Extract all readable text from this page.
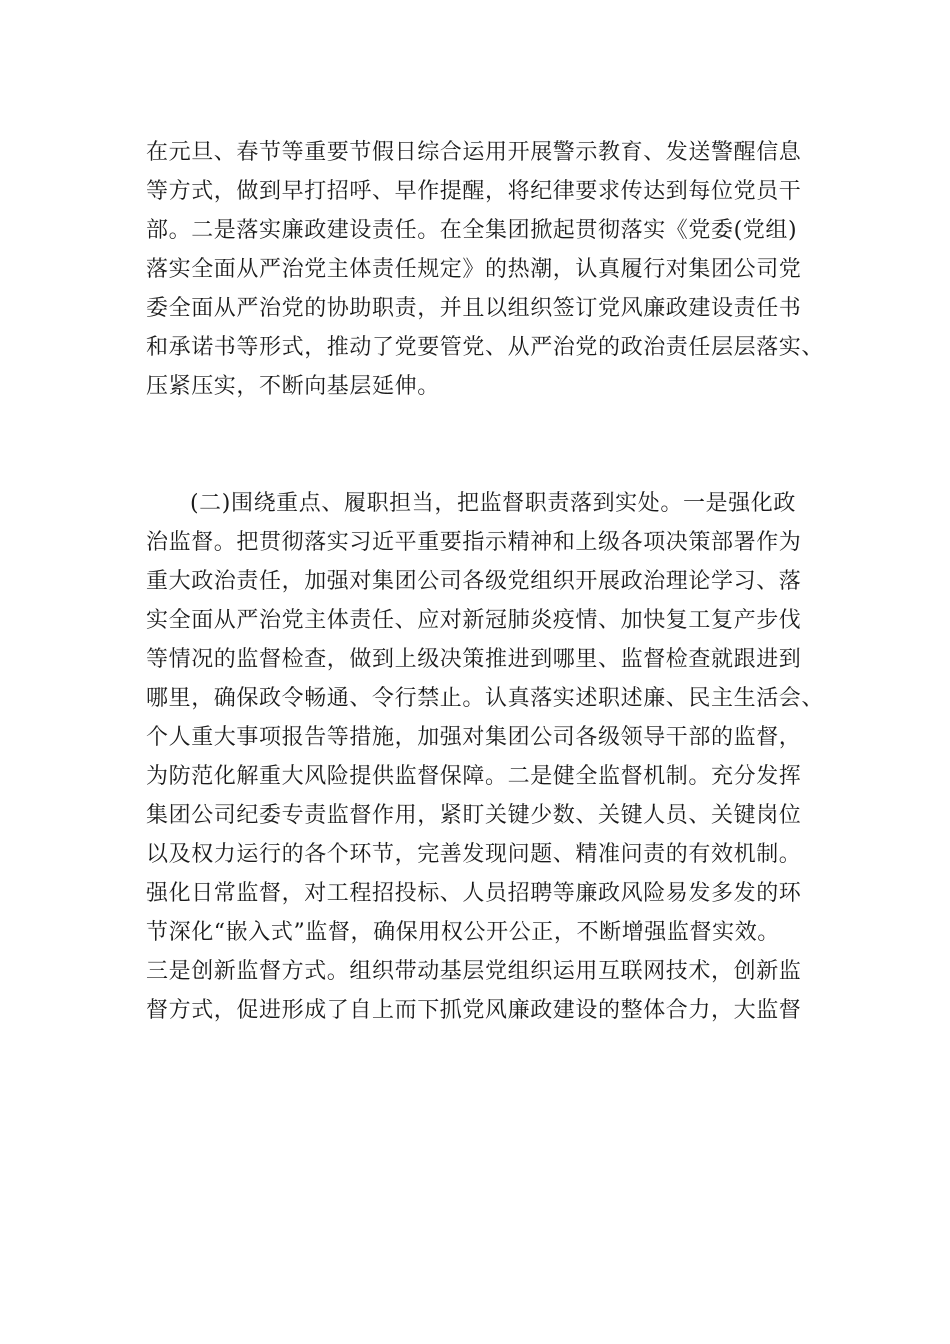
在元旦、春节等重要节假日综合运用开展警示教育、发送警醒信息
等方式，做到早打招呼、早作提醒，将纪律要求传达到每位党员干
部。二是落实廉政建设责任。在全集团掀起贯彻落实《党委(党组)
落实全面从严治党主体责任规定》的热潮，认真履行对集团公司党
委全面从严治党的协助职责，并且以组织签订党风廉政建设责任书
和承诺书等形式，推动了党要管党、从严治党的政治责任层层落实、
压紧压实，不断向基层延伸。
(二)围绕重点、履职担当，把监督职责落到实处。一是强化政
治监督。把贯彻落实习近平重要指示精神和上级各项决策部署作为
重大政治责任，加强对集团公司各级党组织开展政治理论学习、落
实全面从严治党主体责任、应对新冠肺炎疫情、加快复工复产步伐
等情况的监督检查，做到上级决策推进到哪里、监督检查就跟进到
哪里，确保政令畅通、令行禁止。认真落实述职述廉、民主生活会、
个人重大事项报告等措施，加强对集团公司各级领导干部的监督，
为防范化解重大风险提供监督保障。二是健全监督机制。充分发挥
集团公司纪委专责监督作用，紧盯关键少数、关键人员、关键岗位
以及权力运行的各个环节，完善发现问题、精准问责的有效机制。
强化日常监督，对工程招投标、人员招聘等廉政风险易发多发的环
节深化“嵌入式”监督，确保用权公开公正，不断增强监督实效。
三是创新监督方式。组织带动基层党组织运用互联网技术，创新监
督方式，促进形成了自上而下抓党风廉政建设的整体合力，大监督
